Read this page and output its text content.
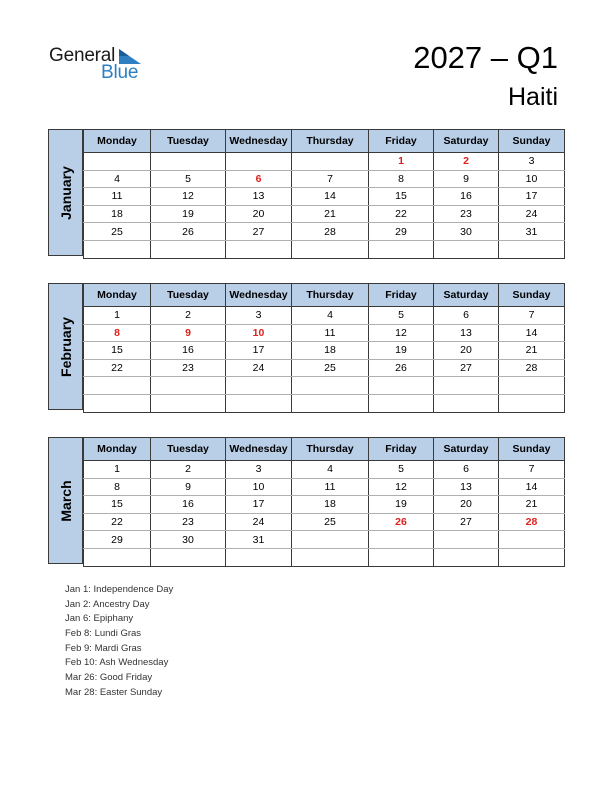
General
Blue	2027 – Q1
Haiti
January
Monday	Tuesday	Wednesday	Thursday	Friday	Saturday	Sunday
				1	2	3
4	5	6	7	8	9	10
11	12	13	14	15	16	17
18	19	20	21	22	23	24
25	26	27	28	29	30	31

February
Monday	Tuesday	Wednesday	Thursday	Friday	Saturday	Sunday
1	2	3	4	5	6	7
8	9	10	11	12	13	14
15	16	17	18	19	20	21
22	23	24	25	26	27	28

March
Monday	Tuesday	Wednesday	Thursday	Friday	Saturday	Sunday
1	2	3	4	5	6	7
8	9	10	11	12	13	14
15	16	17	18	19	20	21
22	23	24	25	26	27	28
29	30	31				

Jan 1: Independence Day
Jan 2: Ancestry Day
Jan 6: Epiphany
Feb 8: Lundi Gras
Feb 9: Mardi Gras
Feb 10: Ash Wednesday
Mar 26: Good Friday
Mar 28: Easter Sunday
